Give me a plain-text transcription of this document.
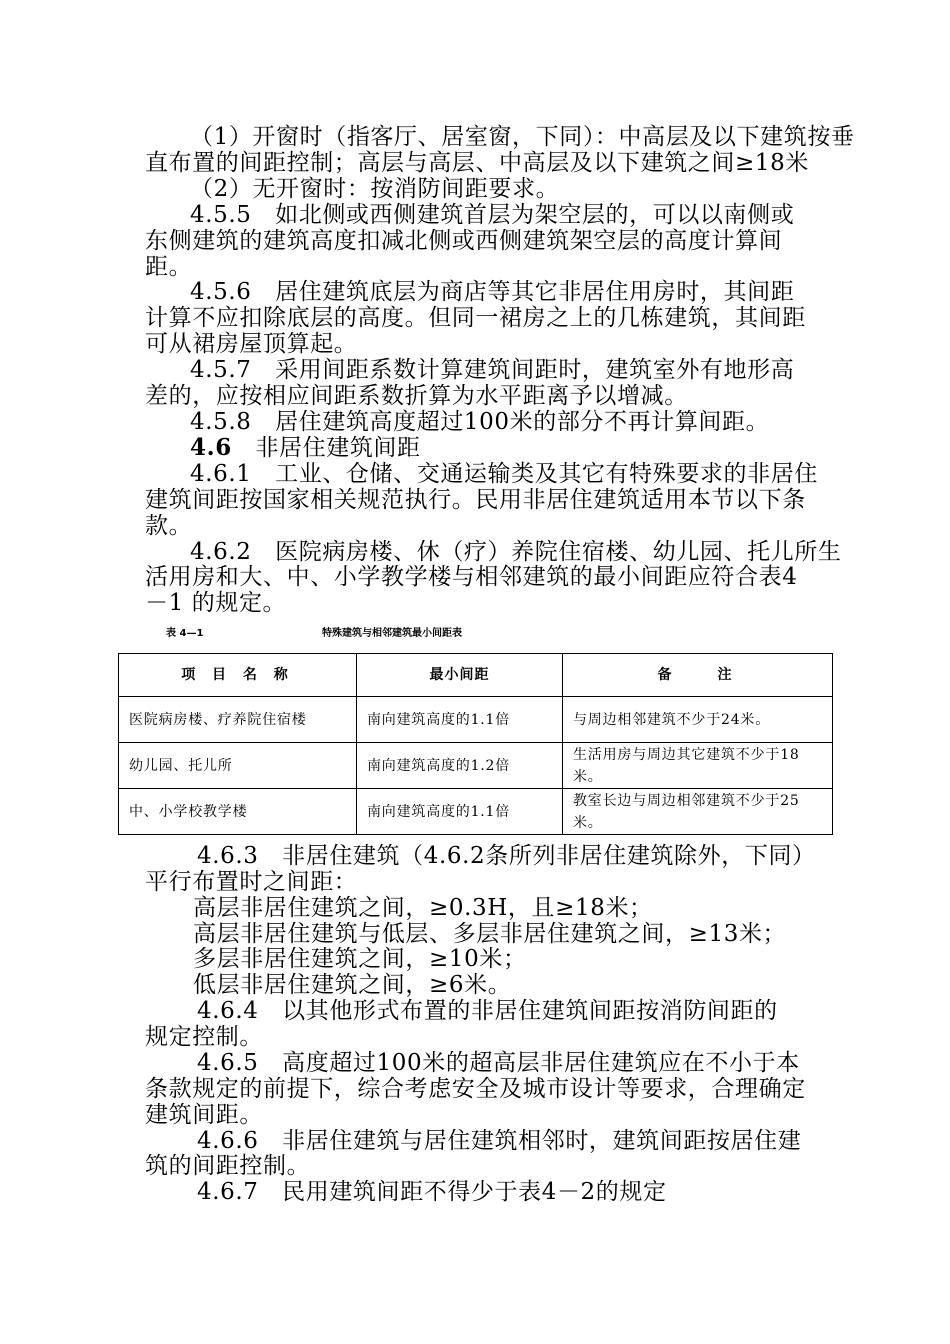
（1）开窗时（指客厅、居室窗，下同）：中高层及以下建筑按垂
直布置的间距控制；高层与高层、中高层及以下建筑之间≥18米
（2）无开窗时：按消防间距要求。
4.5.5　如北侧或西侧建筑首层为架空层的，可以以南侧或
东侧建筑的建筑高度扣减北侧或西侧建筑架空层的高度计算间
距。
4.5.6　居住建筑底层为商店等其它非居住用房时，其间距
计算不应扣除底层的高度。但同一裙房之上的几栋建筑，其间距
可从裙房屋顶算起。
4.5.7　采用间距系数计算建筑间距时，建筑室外有地形高
差的，应按相应间距系数折算为水平距离予以增减。
4.5.8　居住建筑高度超过100米的部分不再计算间距。
4.6　 非居住建筑间距
4.6.1　工业、仓储、交通运输类及其它有特殊要求的非居住
建筑间距按国家相关规范执行。民用非居住建筑适用本节以下条
款。
4.6.2　医院病房楼、休（疗）养院住宿楼、幼儿园、托儿所生
活用房和大、中、小学教学楼与相邻建筑的最小间距应符合表4
－1 的规定。
表 4—1	特殊建筑与相邻建筑最小间距表
项 目 名 称	最小间距	备　　注
医院病房楼、疗养院住宿楼	南向建筑高度的1.1倍	与周边相邻建筑不少于24米。
幼儿园、托儿所	南向建筑高度的1.2倍	生活用房与周边其它建筑不少于18米。
中、小学校教学楼	南向建筑高度的1.1倍	教室长边与周边相邻建筑不少于25米。
4.6.3　非居住建筑（4.6.2条所列非居住建筑除外，下同）
平行布置时之间距：
高层非居住建筑之间，≥0.3H，且≥18米；
高层非居住建筑与低层、多层非居住建筑之间，≥13米；
多层非居住建筑之间，≥10米；
低层非居住建筑之间，≥6米。
4.6.4　以其他形式布置的非居住建筑间距按消防间距的
规定控制。
4.6.5　高度超过100米的超高层非居住建筑应在不小于本
条款规定的前提下，综合考虑安全及城市设计等要求，合理确定
建筑间距。
4.6.6　非居住建筑与居住建筑相邻时，建筑间距按居住建
筑的间距控制。
4.6.7　民用建筑间距不得少于表4－2的规定
